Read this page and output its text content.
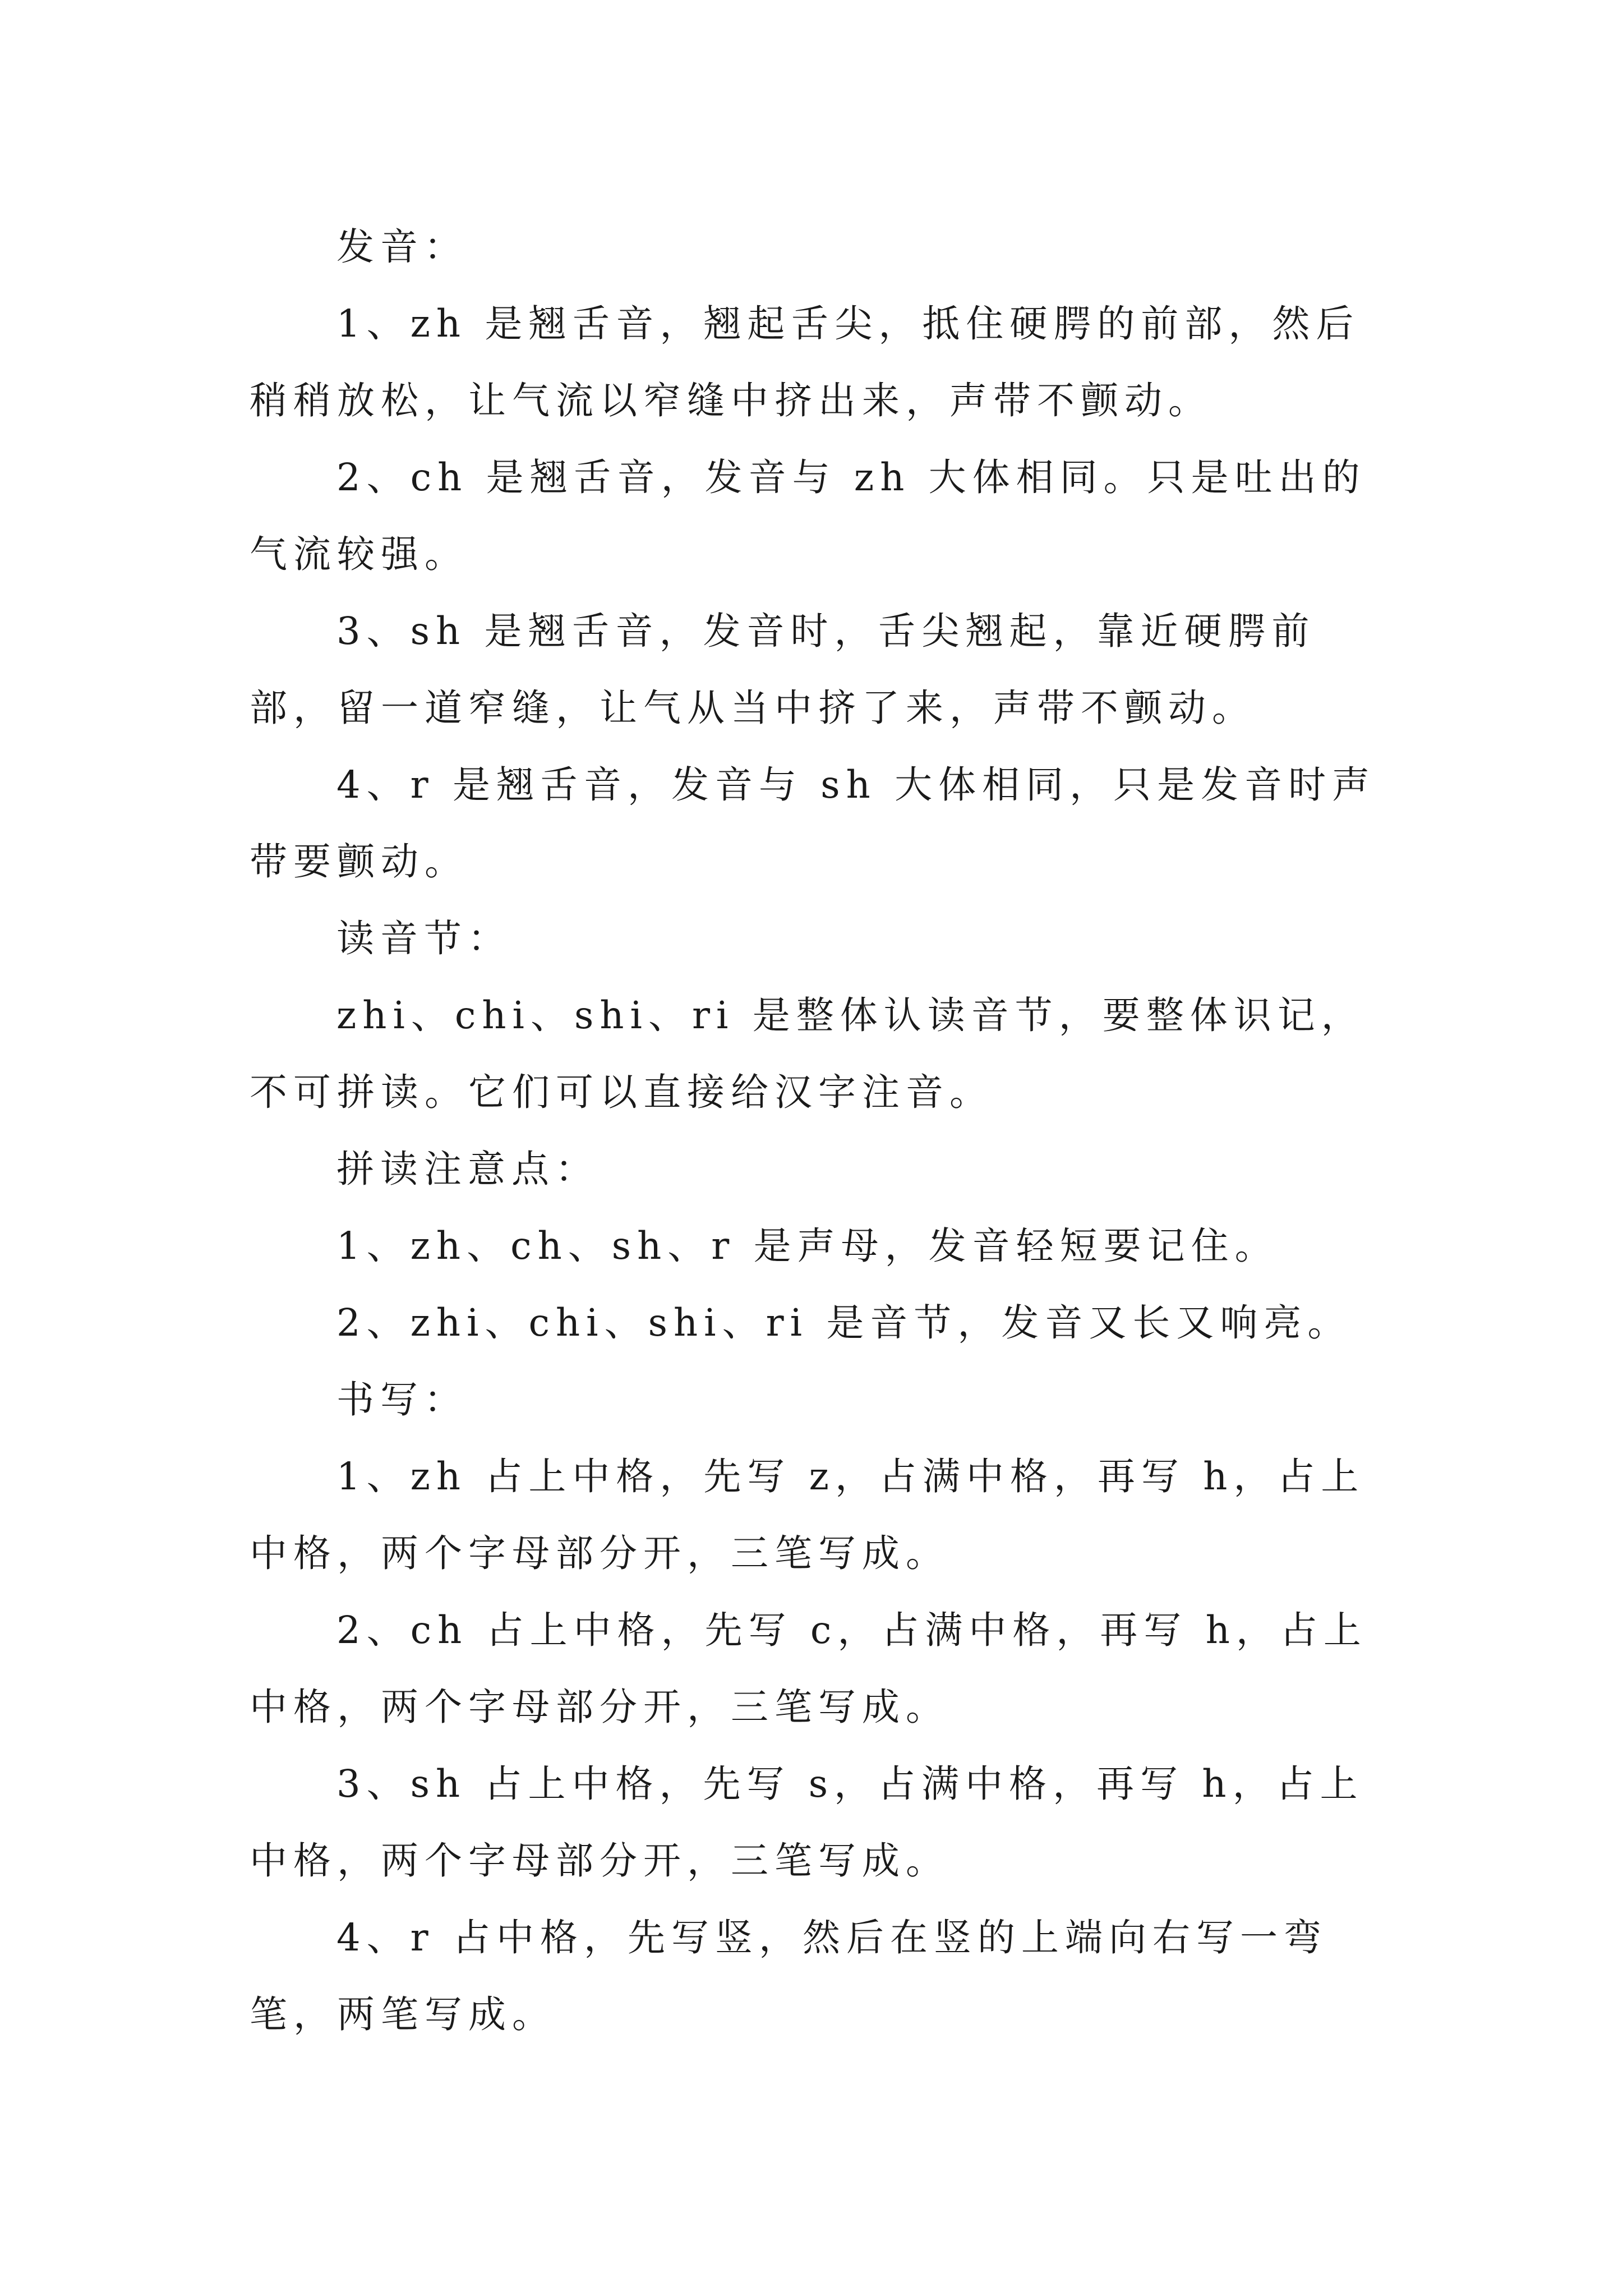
发音：

1、zh 是翘舌音，翘起舌尖，抵住硬腭的前部，然后稍稍放松，让气流以窄缝中挤出来，声带不颤动。

2、ch 是翘舌音，发音与 zh 大体相同。只是吐出的气流较强。

3、sh 是翘舌音，发音时，舌尖翘起，靠近硬腭前部，留一道窄缝，让气从当中挤了来，声带不颤动。

4、r 是翘舌音，发音与 sh 大体相同，只是发音时声带要颤动。

读音节：

zhi、chi、shi、ri 是整体认读音节，要整体识记，不可拼读。它们可以直接给汉字注音。

拼读注意点：

1、zh、ch、sh、r 是声母，发音轻短要记住。

2、zhi、chi、shi、ri 是音节，发音又长又响亮。

书写：

1、zh 占上中格，先写 z，占满中格，再写 h，占上中格，两个字母部分开，三笔写成。

2、ch 占上中格，先写 c，占满中格，再写 h，占上中格，两个字母部分开，三笔写成。

3、sh 占上中格，先写 s，占满中格，再写 h，占上中格，两个字母部分开，三笔写成。

4、r 占中格，先写竖，然后在竖的上端向右写一弯笔，两笔写成。
